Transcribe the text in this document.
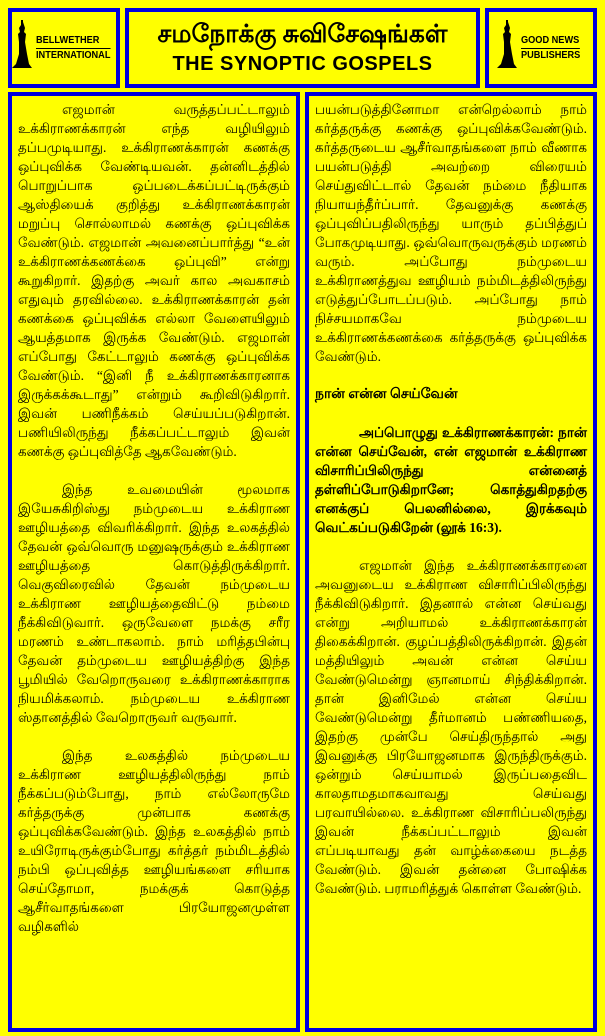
BELLWETHER
INTERNATIONAL
சமநோக்கு சுவிசேஷங்கள்
THE SYNOPTIC GOSPELS
GOOD NEWS
PUBLISHERS

எஜமான் வருத்தப்பட்டாலும் உக்கிராணக்காரன் எந்த வழியிலும் தப்பமுடியாது. உக்கிராணக்காரன் கணக்கு ஒப்புவிக்க வேண்டியவன். தன்னிடத்தில் பொறுப்பாக ஒப்படைக்கப்பட்டிருக்கும் ஆஸ்தியைக் குறித்து உக்கிராணக்காரன் மறுப்பு சொல்லாமல் கணக்கு ஒப்புவிக்க வேண்டும். எஜமான் அவனைப்பார்த்து “உன் உக்கிராணக்கணக்கை ஒப்புவி” என்று கூறுகிறார். இதற்கு அவர் கால அவகாசம் எதுவும் தரவில்லை. உக்கிராணக்காரன் தன் கணக்கை ஒப்புவிக்க எல்லா வேளையிலும் ஆயத்தமாக இருக்க வேண்டும். எஜமான் எப்போது கேட்டாலும் கணக்கு ஒப்புவிக்க வேண்டும். “இனி நீ உக்கிராணக்காரனாக இருக்கக்கூடாது” என்றும் கூறிவிடுகிறார். இவன் பணிநீக்கம் செய்யப்படுகிறான். பணியிலிருந்து நீக்கப்பட்டாலும் இவன் கணக்கு ஒப்புவித்தே ஆகவேண்டும்.

இந்த உவமையின் மூலமாக இயேசுகிறிஸ்து நம்முடைய உக்கிராண ஊழியத்தை விவரிக்கிறார். இந்த உலகத்தில் தேவன் ஒவ்வொரு மனுஷருக்கும் உக்கிராண ஊழியத்தை கொடுத்திருக்கிறார். வெகுவிரைவில் தேவன் நம்முடைய உக்கிராண ஊழியத்தைவிட்டு நம்மை நீக்கிவிடுவார். ஒருவேளை நமக்கு சரீர மரணம் உண்டாகலாம். நாம் மரித்தபின்பு தேவன் தம்முடைய ஊழியத்திற்கு இந்த பூமியில் வேறொருவரை உக்கிராணக்காராக நியமிக்கலாம். நம்முடைய உக்கிராண ஸ்தானத்தில் வேறொருவர் வருவார்.

இந்த உலகத்தில் நம்முடைய உக்கிராண ஊழியத்திலிருந்து நாம் நீக்கப்படும்போது, நாம் எல்லோருமே கர்த்தருக்கு முன்பாக கணக்கு ஒப்புவிக்கவேண்டும். இந்த உலகத்தில் நாம் உயிரோடிருக்கும்போது கர்த்தர் நம்மிடத்தில் நம்பி ஒப்புவித்த ஊழியங்களை சரியாக செய்தோமா, நமக்குக் கொடுத்த ஆசீர்வாதங்களை பிரயோஜனமுள்ள வழிகளில்

பயன்படுத்தினோமா என்றெல்லாம் நாம் கர்த்தருக்கு கணக்கு ஒப்புவிக்கவேண்டும். கர்த்தருடைய ஆசீர்வாதங்களை நாம் வீணாக பயன்படுத்தி அவற்றை விரையம் செய்துவிட்டால் தேவன் நம்மை நீதியாக நியாயந்தீர்ப்பார். தேவனுக்கு கணக்கு ஒப்புவிப்பதிலிருந்து யாரும் தப்பித்துப் போகமுடியாது. ஒவ்வொருவருக்கும் மரணம் வரும். அப்போது நம்முடைய உக்கிராணத்துவ ஊழியம் நம்மிடத்திலிருந்து எடுத்துப்போடப்படும். அப்போது நாம் நிச்சயமாகவே நம்முடைய உக்கிராணக்கணக்கை கர்த்தருக்கு ஒப்புவிக்க வேண்டும்.

நான் என்ன செய்வேன்

அப்பொழுது உக்கிராணக்காரன்: நான் என்ன செய்வேன், என் எஜமான் உக்கிராண விசாரிப்பிலிருந்து என்னைத் தள்ளிப்போடுகிறானே; கொத்துகிறதற்கு எனக்குப் பெலனில்லை, இரக்கவும் வெட்கப்படுகிறேன் (லூக் 16:3).

எஜமான் இந்த உக்கிராணக்காரனை அவனுடைய உக்கிராண விசாரிப்பிலிருந்து நீக்கிவிடுகிறார். இதனால் என்ன செய்வது என்று அறியாமல் உக்கிராணக்காரன் திகைக்கிறான். குழப்பத்திலிருக்கிறான். இதன் மத்தியிலும் அவன் என்ன செய்ய வேண்டுமென்று ஞானமாய் சிந்திக்கிறான். தான் இனிமேல் என்ன செய்ய வேண்டுமென்று தீர்மானம் பண்ணியதை, இதற்கு முன்பே செய்திருந்தால் அது இவனுக்கு பிரயோஜனமாக இருந்திருக்கும். ஒன்றும் செய்யாமல் இருப்பதைவிட காலதாமதமாகவாவது செய்வது பரவாயில்லை. உக்கிராண விசாரிப்பலிருந்து இவன் நீக்கப்பட்டாலும் இவன் எப்படியாவது தன் வாழ்க்கையை நடத்த வேண்டும். இவன் தன்னை போஷிக்க வேண்டும். பராமரித்துக் கொள்ள வேண்டும்.
